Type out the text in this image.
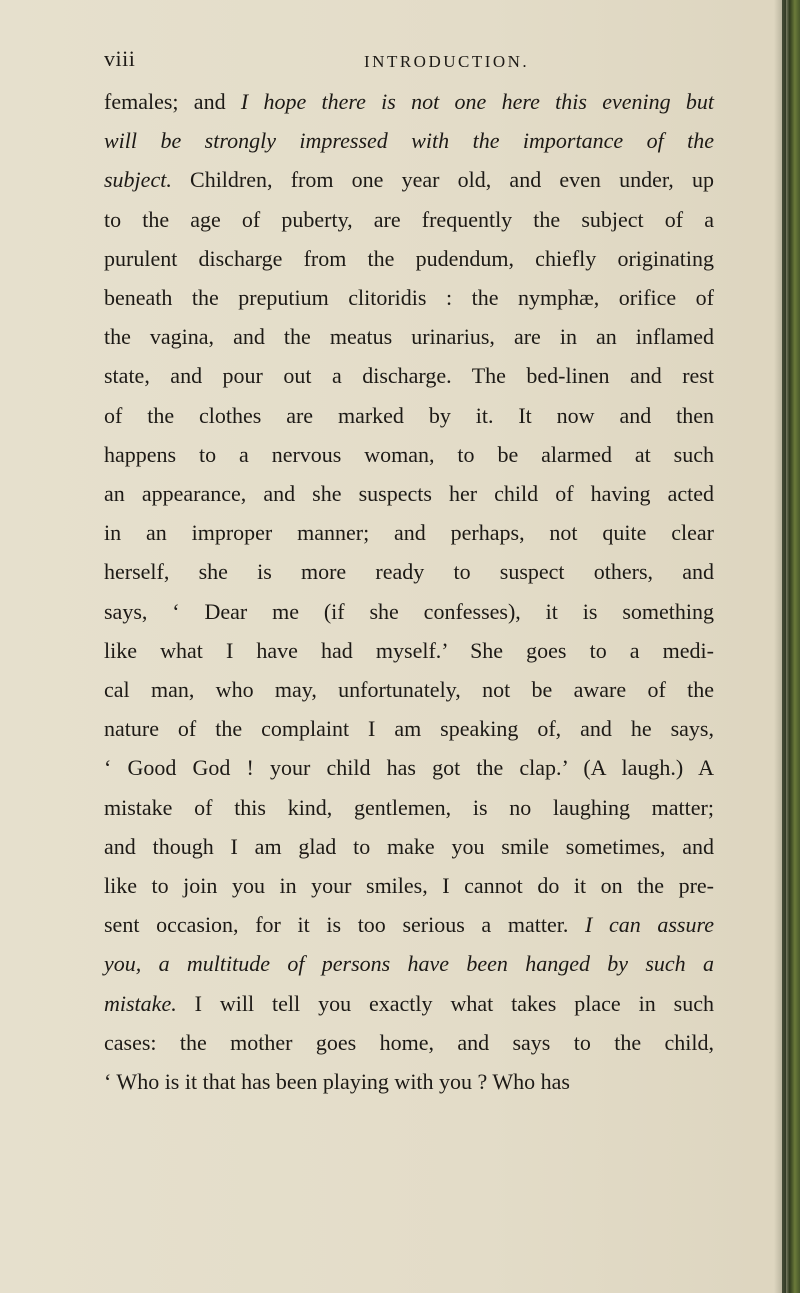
viii	INTRODUCTION.
females; and I hope there is not one here this evening but
will be strongly impressed with the importance of the
subject. Children, from one year old, and even under, up
to the age of puberty, are frequently the subject of a
purulent discharge from the pudendum, chiefly originating
beneath the preputium clitoridis : the nymphæ, orifice of
the vagina, and the meatus urinarius, are in an inflamed
state, and pour out a discharge. The bed-linen and rest
of the clothes are marked by it. It now and then
happens to a nervous woman, to be alarmed at such
an appearance, and she suspects her child of having acted
in an improper manner; and perhaps, not quite clear
herself, she is more ready to suspect others, and
says, ‘ Dear me (if she confesses), it is something
like what I have had myself.’ She goes to a medi-
cal man, who may, unfortunately, not be aware of the
nature of the complaint I am speaking of, and he says,
‘ Good God ! your child has got the clap.’ (A laugh.) A
mistake of this kind, gentlemen, is no laughing matter;
and though I am glad to make you smile sometimes, and
like to join you in your smiles, I cannot do it on the pre-
sent occasion, for it is too serious a matter. I can assure
you, a multitude of persons have been hanged by such a
mistake. I will tell you exactly what takes place in such
cases: the mother goes home, and says to the child,
‘ Who is it that has been playing with you ? Who has
